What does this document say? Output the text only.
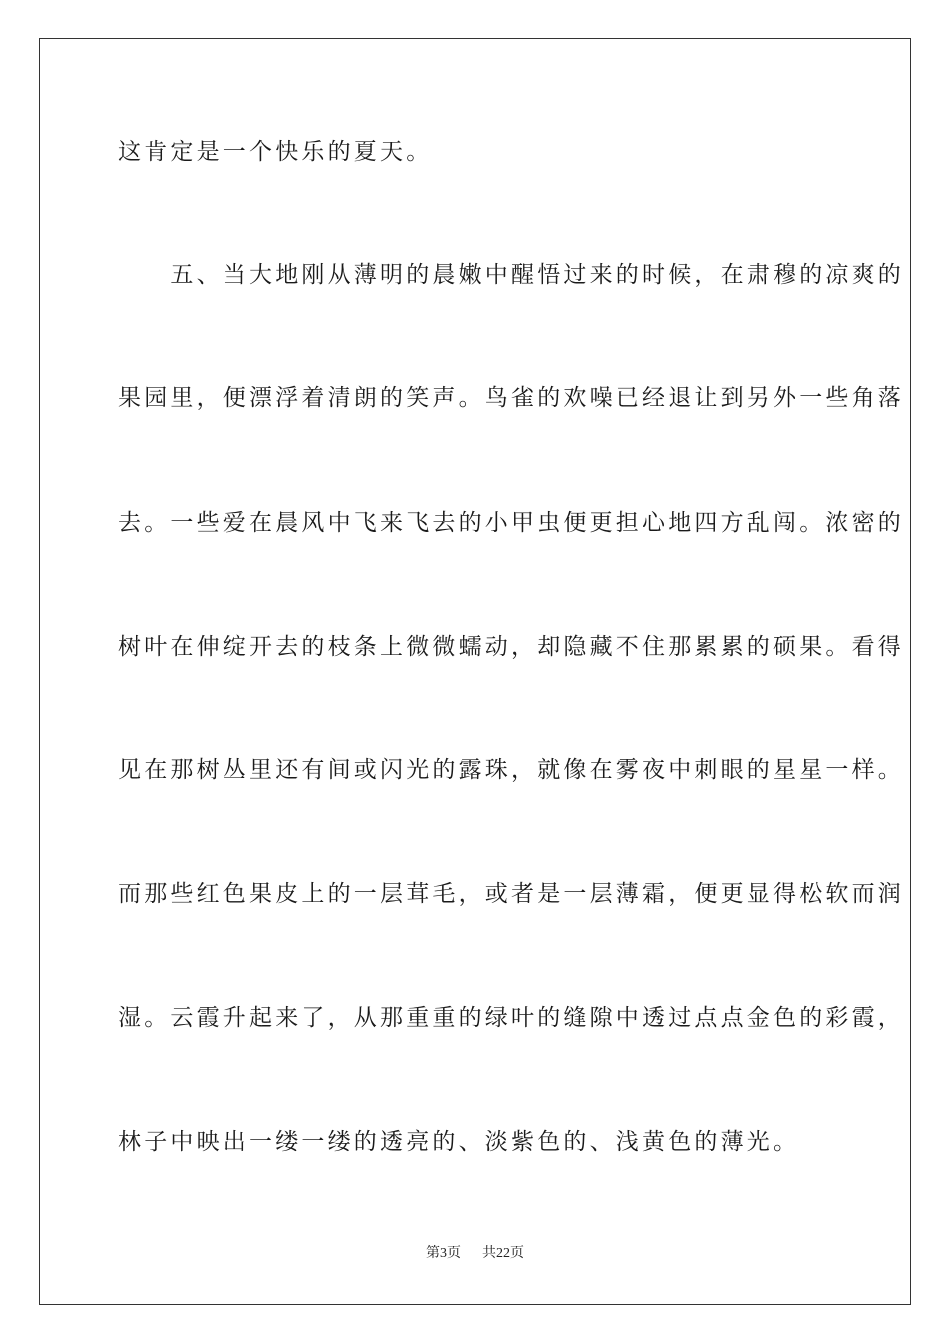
这肯定是一个快乐的夏天。
　　五、当大地刚从薄明的晨嫩中醒悟过来的时候，在肃穆的凉爽的
果园里，便漂浮着清朗的笑声。鸟雀的欢噪已经退让到另外一些角落
去。一些爱在晨风中飞来飞去的小甲虫便更担心地四方乱闯。浓密的
树叶在伸绽开去的枝条上微微蠕动，却隐藏不住那累累的硕果。看得
见在那树丛里还有间或闪光的露珠，就像在雾夜中刺眼的星星一样。
而那些红色果皮上的一层茸毛，或者是一层薄霜，便更显得松软而润
湿。云霞升起来了，从那重重的绿叶的缝隙中透过点点金色的彩霞，
林子中映出一缕一缕的透亮的、淡紫色的、浅黄色的薄光。
第3页 共22页
